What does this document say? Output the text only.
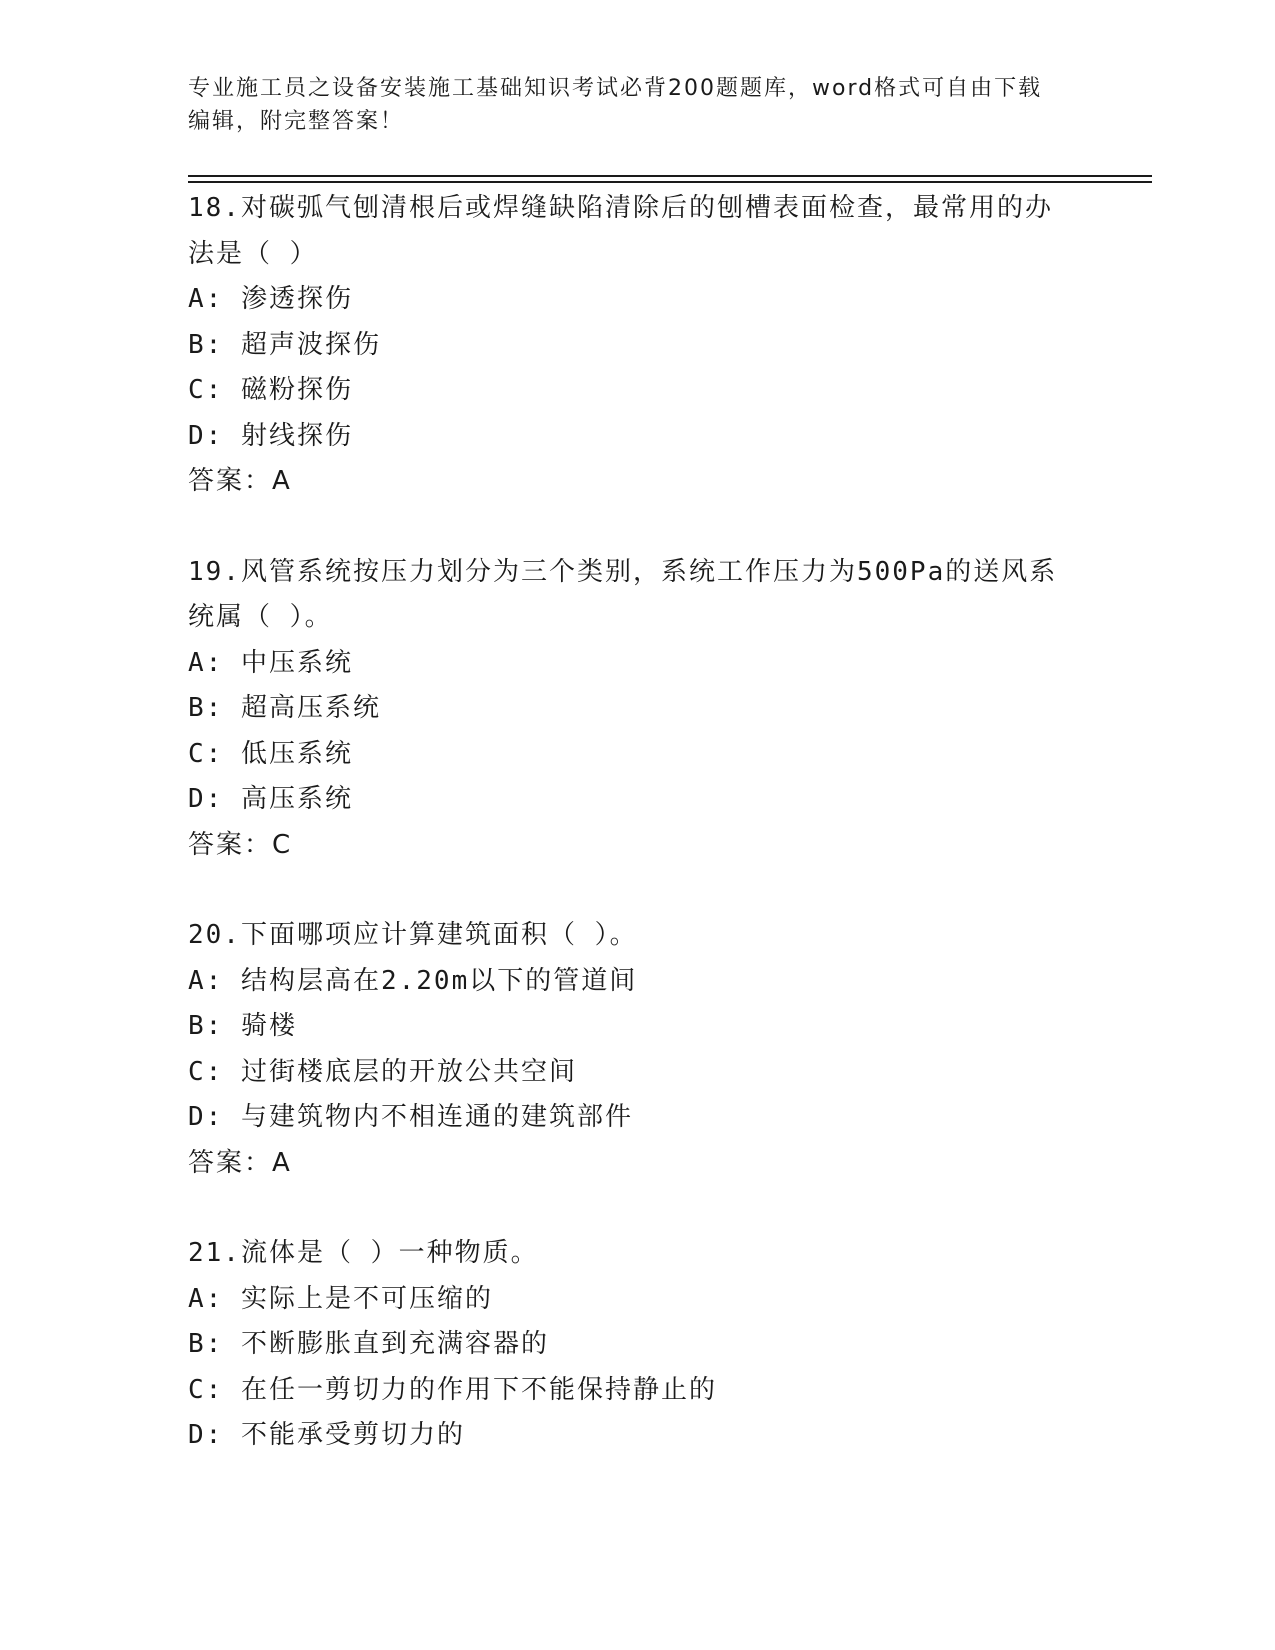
专业施工员之设备安装施工基础知识考试必背200题题库，word格式可自由下载
编辑，附完整答案！
18.对碳弧气刨清根后或焊缝缺陷清除后的刨槽表面检查，最常用的办
法是（ ）
A: 渗透探伤
B: 超声波探伤
C: 磁粉探伤
D: 射线探伤
答案：A
19.风管系统按压力划分为三个类别，系统工作压力为500Pa的送风系
统属（ ）。
A: 中压系统
B: 超高压系统
C: 低压系统
D: 高压系统
答案：C
20.下面哪项应计算建筑面积（ ）。
A: 结构层高在2.20m以下的管道间
B: 骑楼
C: 过街楼底层的开放公共空间
D: 与建筑物内不相连通的建筑部件
答案：A
21.流体是（ ）一种物质。
A: 实际上是不可压缩的
B: 不断膨胀直到充满容器的
C: 在任一剪切力的作用下不能保持静止的
D: 不能承受剪切力的
